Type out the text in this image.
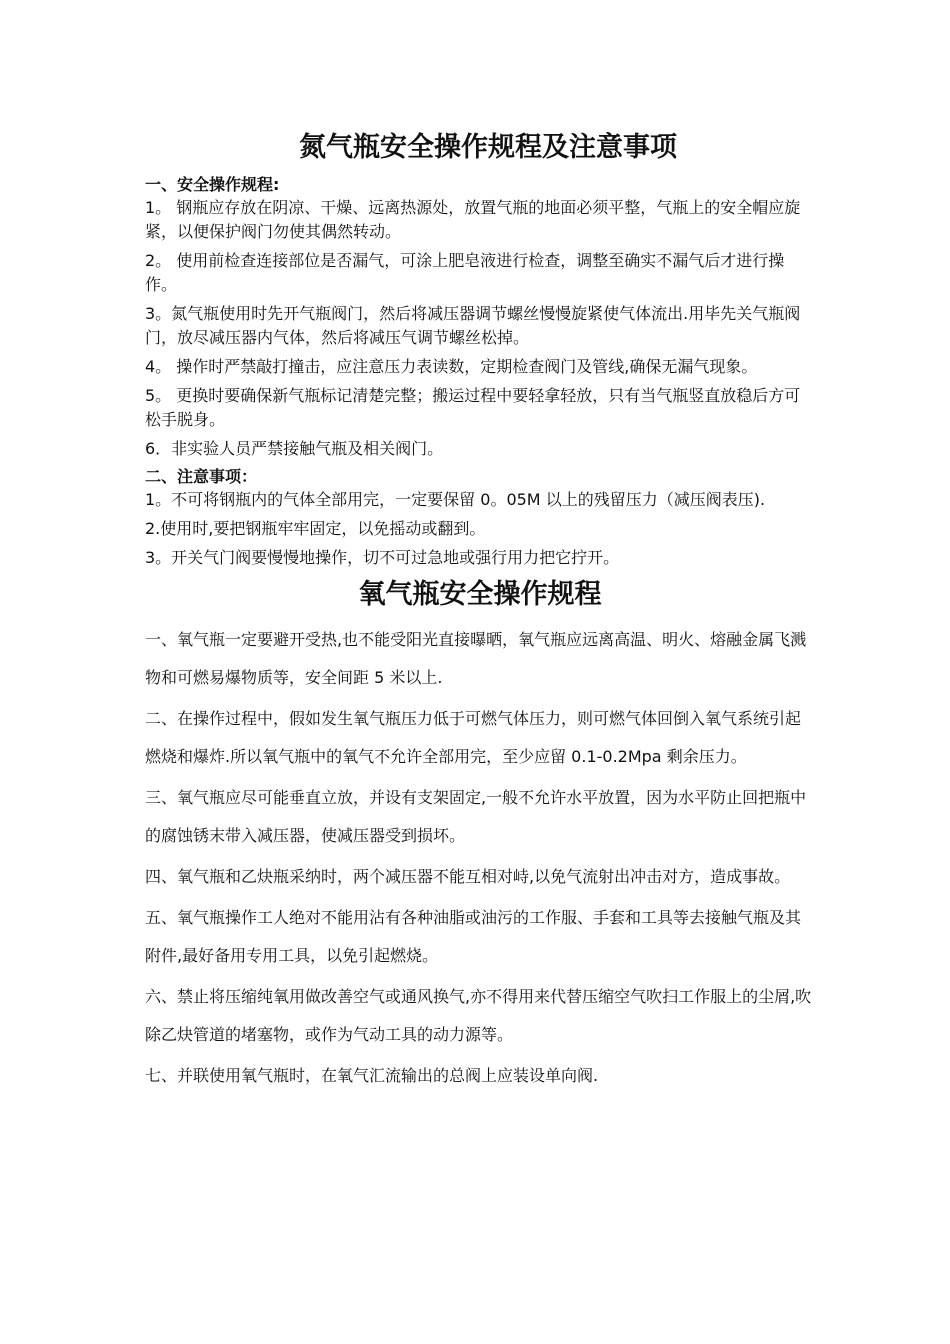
氮气瓶安全操作规程及注意事项
一、安全操作规程:

1。 钢瓶应存放在阴凉、干燥、远离热源处，放置气瓶的地面必须平整，气瓶上的安全帽应旋紧，以便保护阀门勿使其偶然转动。

2。 使用前检查连接部位是否漏气，可涂上肥皂液进行检查，调整至确实不漏气后才进行操作。

3。氮气瓶使用时先开气瓶阀门，然后将减压器调节螺丝慢慢旋紧使气体流出.用毕先关气瓶阀门，放尽减压器内气体，然后将减压气调节螺丝松掉。

4。 操作时严禁敲打撞击，应注意压力表读数，定期检查阀门及管线,确保无漏气现象。

5。 更换时要确保新气瓶标记清楚完整；搬运过程中要轻拿轻放，只有当气瓶竖直放稳后方可松手脱身。

6．非实验人员严禁接触气瓶及相关阀门。

二、注意事项：

1。不可将钢瓶内的气体全部用完，一定要保留 0。05M 以上的残留压力（减压阀表压).

2.使用时,要把钢瓶牢牢固定，以免摇动或翻到。

3。开关气门阀要慢慢地操作，切不可过急地或强行用力把它拧开。

氧气瓶安全操作规程

一、氧气瓶一定要避开受热,也不能受阳光直接曝晒，氧气瓶应远离高温、明火、熔融金属飞溅物和可燃易爆物质等，安全间距 5 米以上.

二、在操作过程中，假如发生氧气瓶压力低于可燃气体压力，则可燃气体回倒入氧气系统引起燃烧和爆炸.所以氧气瓶中的氧气不允许全部用完，至少应留 0.1-0.2Mpa 剩余压力。

三、氧气瓶应尽可能垂直立放，并设有支架固定,一般不允许水平放置，因为水平防止回把瓶中的腐蚀锈末带入减压器，使减压器受到损坏。

四、氧气瓶和乙炔瓶采纳时，两个减压器不能互相对峙,以免气流射出冲击对方，造成事故。

五、氧气瓶操作工人绝对不能用沾有各种油脂或油污的工作服、手套和工具等去接触气瓶及其附件,最好备用专用工具，以免引起燃烧。

六、禁止将压缩纯氧用做改善空气或通风换气,亦不得用来代替压缩空气吹扫工作服上的尘屑,吹除乙炔管道的堵塞物，或作为气动工具的动力源等。

七、并联使用氧气瓶时，在氧气汇流输出的总阀上应装设单向阀.
